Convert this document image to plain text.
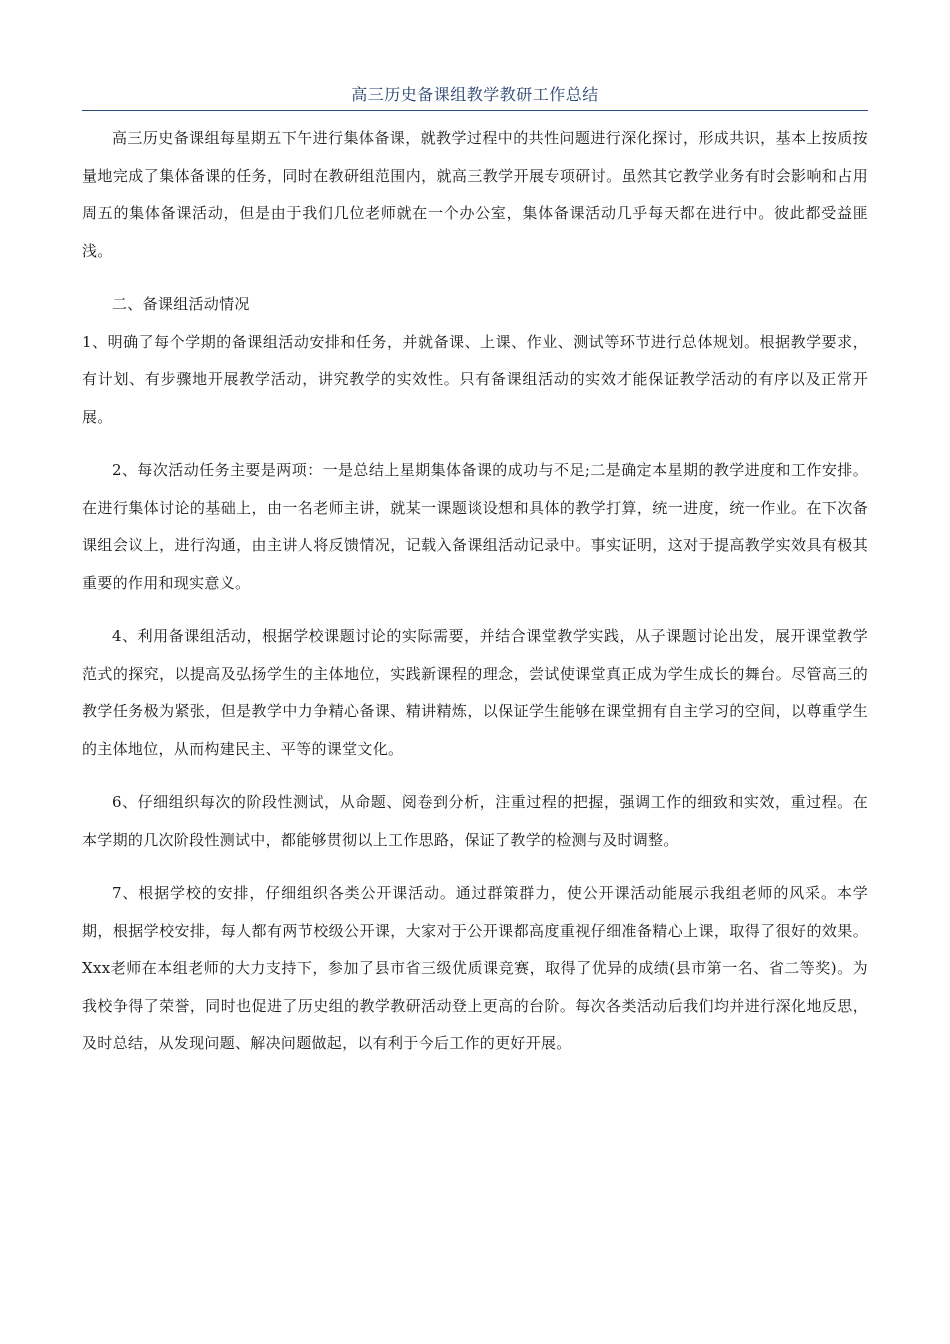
高三历史备课组教学教研工作总结

高三历史备课组每星期五下午进行集体备课，就教学过程中的共性问题进行深化探讨，形成共识，基本上按质按量地完成了集体备课的任务，同时在教研组范围内，就高三教学开展专项研讨。虽然其它教学业务有时会影响和占用周五的集体备课活动，但是由于我们几位老师就在一个办公室，集体备课活动几乎每天都在进行中。彼此都受益匪浅。

二、备课组活动情况

1、明确了每个学期的备课组活动安排和任务，并就备课、上课、作业、测试等环节进行总体规划。根据教学要求，有计划、有步骤地开展教学活动，讲究教学的实效性。只有备课组活动的实效才能保证教学活动的有序以及正常开展。

2、每次活动任务主要是两项：一是总结上星期集体备课的成功与不足;二是确定本星期的教学进度和工作安排。在进行集体讨论的基础上，由一名老师主讲，就某一课题谈设想和具体的教学打算，统一进度，统一作业。在下次备课组会议上，进行沟通，由主讲人将反馈情况，记载入备课组活动记录中。事实证明，这对于提高教学实效具有极其重要的作用和现实意义。

4、利用备课组活动，根据学校课题讨论的实际需要，并结合课堂教学实践，从子课题讨论出发，展开课堂教学范式的探究，以提高及弘扬学生的主体地位，实践新课程的理念，尝试使课堂真正成为学生成长的舞台。尽管高三的教学任务极为紧张，但是教学中力争精心备课、精讲精炼，以保证学生能够在课堂拥有自主学习的空间，以尊重学生的主体地位，从而构建民主、平等的课堂文化。

6、仔细组织每次的阶段性测试，从命题、阅卷到分析，注重过程的把握，强调工作的细致和实效，重过程。在本学期的几次阶段性测试中，都能够贯彻以上工作思路，保证了教学的检测与及时调整。

7、根据学校的安排，仔细组织各类公开课活动。通过群策群力，使公开课活动能展示我组老师的风采。本学期，根据学校安排，每人都有两节校级公开课，大家对于公开课都高度重视仔细准备精心上课，取得了很好的效果。Xxx老师在本组老师的大力支持下，参加了县市省三级优质课竞赛，取得了优异的成绩(县市第一名、省二等奖)。为我校争得了荣誉，同时也促进了历史组的教学教研活动登上更高的台阶。每次各类活动后我们均并进行深化地反思，及时总结，从发现问题、解决问题做起，以有利于今后工作的更好开展。
